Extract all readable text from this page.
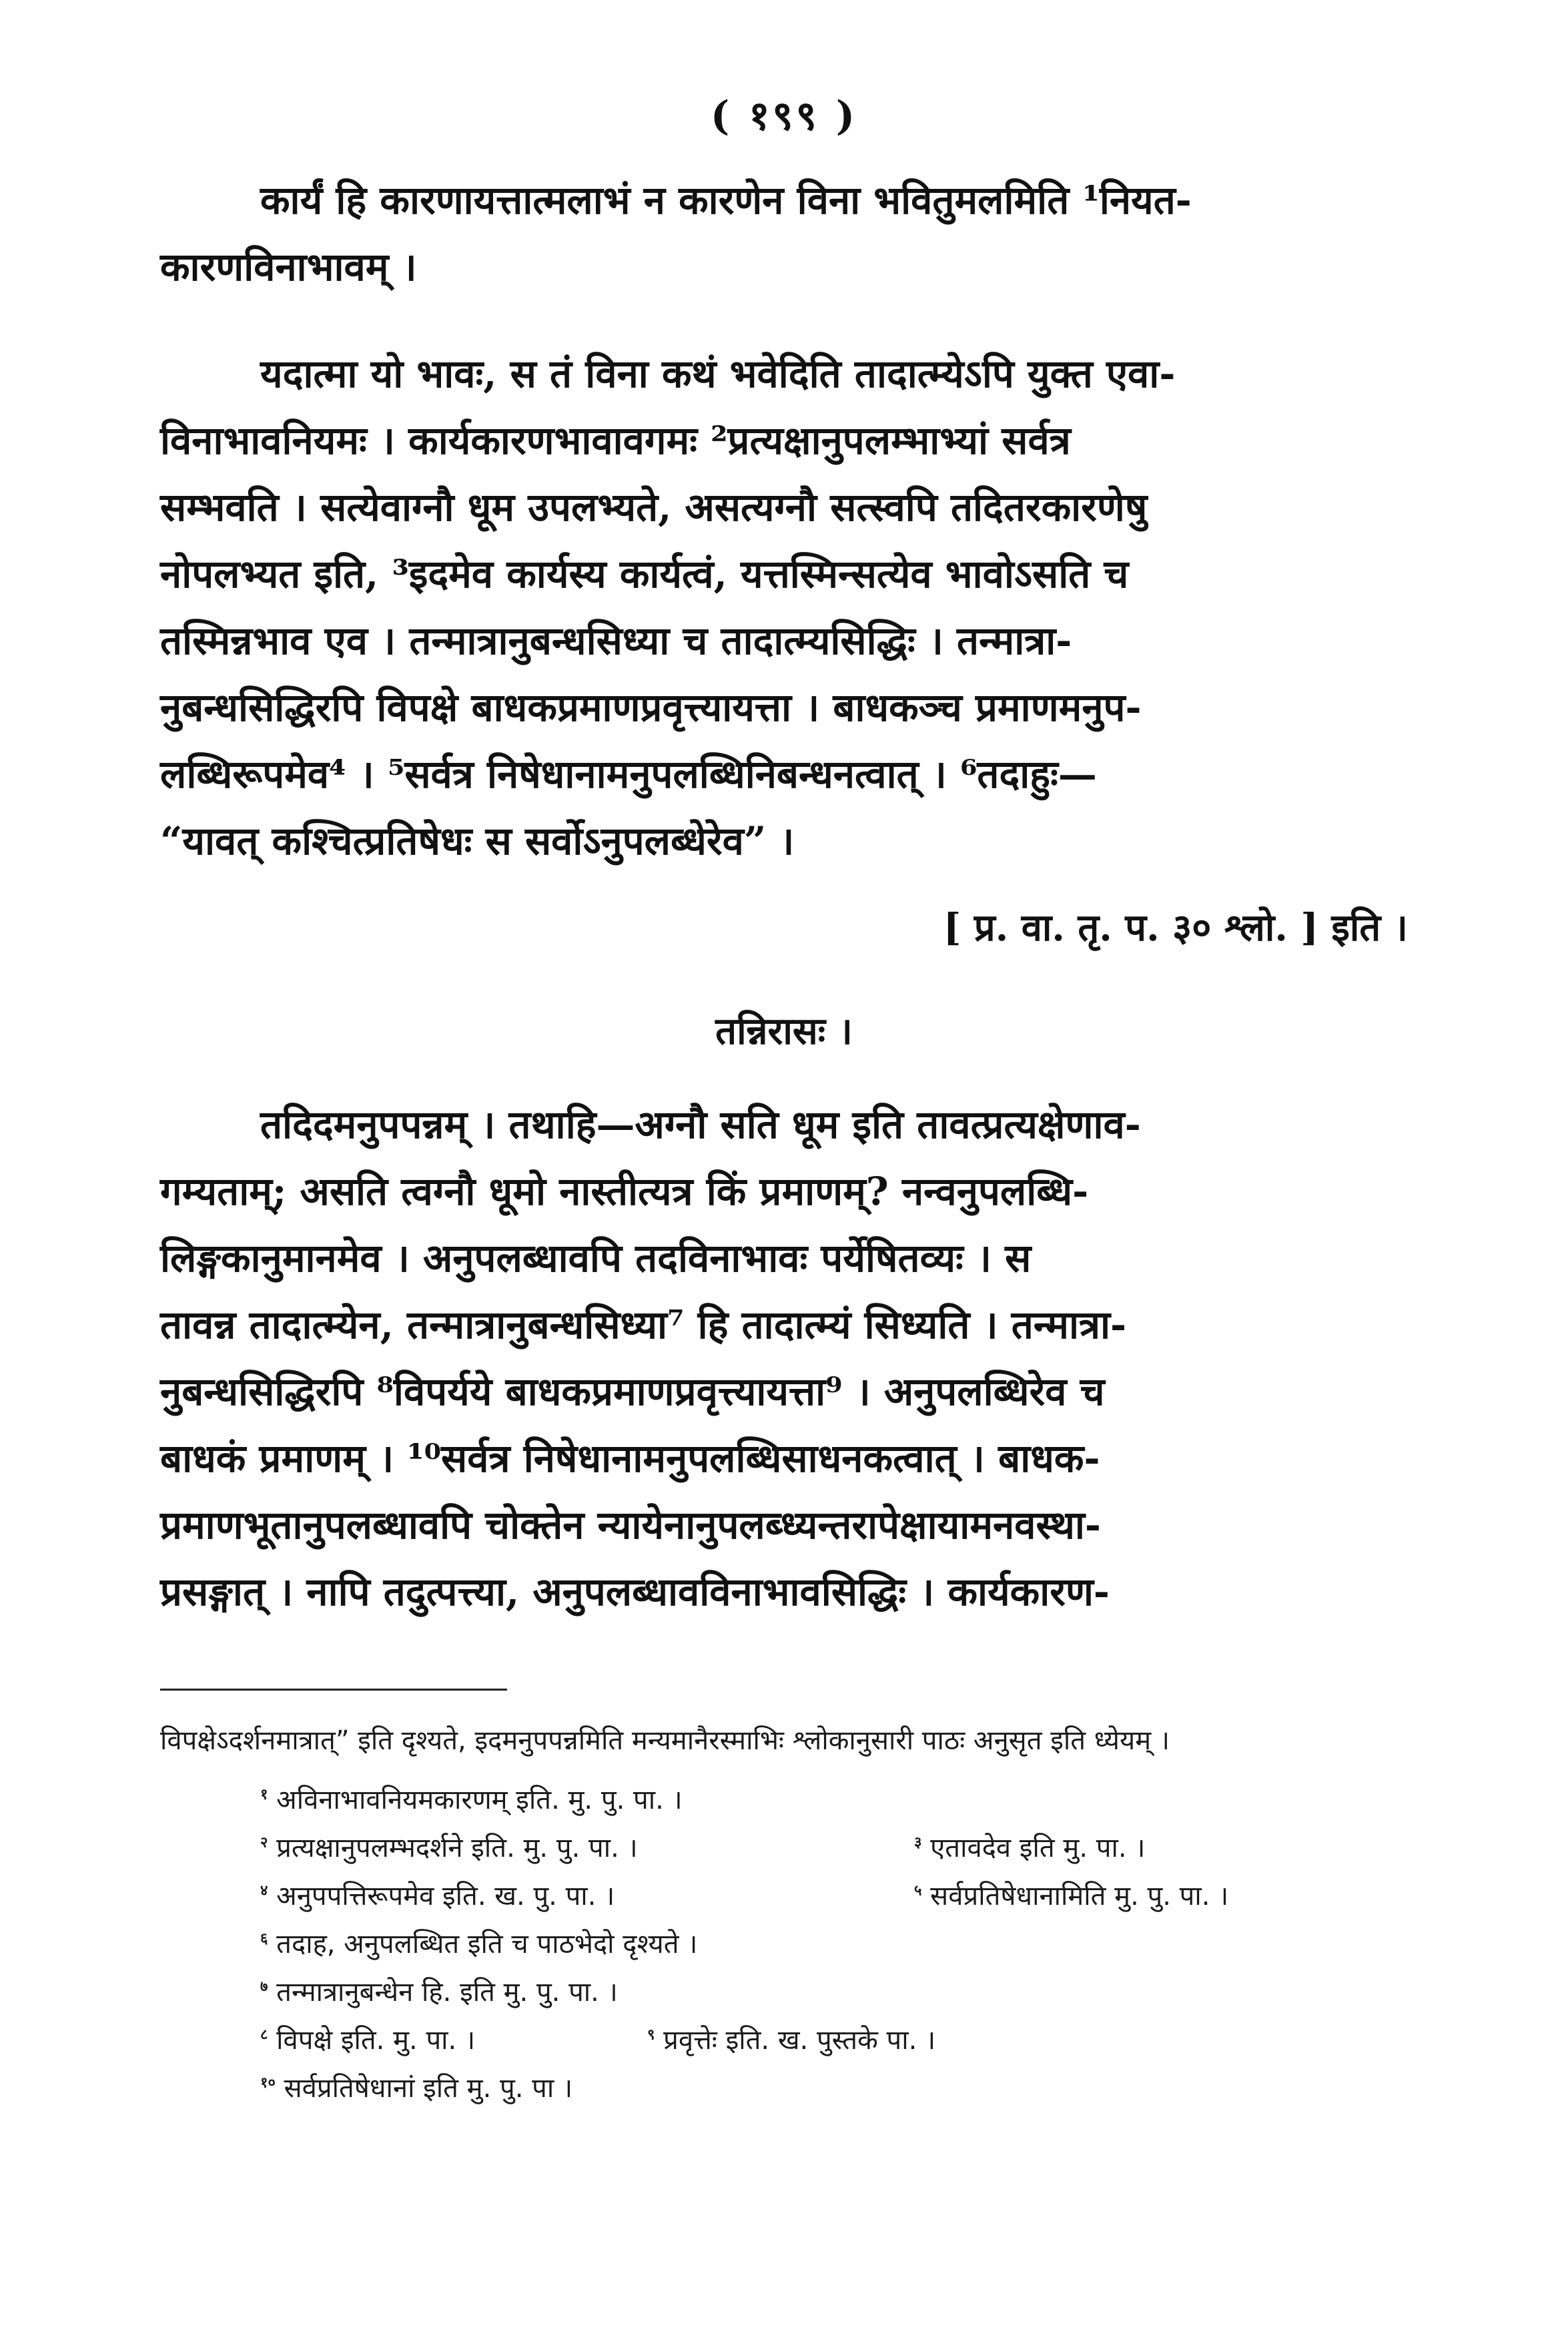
( १९९ )

कार्यं हि कारणायत्तात्मलाभं न कारणेन विना भवितुमलमिति ¹नियत-

कारणविनाभावम् ।

यदात्मा यो भावः, स तं विना कथं भवेदिति तादात्म्येऽपि युक्त एवा-

विनाभावनियमः । कार्यकारणभावावगमः ²प्रत्यक्षानुपलम्भाभ्यां सर्वत्र

सम्भवति । सत्येवाग्नौ धूम उपलभ्यते, असत्यग्नौ सत्स्वपि तदितरकारणेषु

नोपलभ्यत इति, ³इदमेव कार्यस्य कार्यत्वं, यत्तस्मिन्सत्येव भावोऽसति च

तस्मिन्नभाव एव । तन्मात्रानुबन्धसिध्या च तादात्म्यसिद्धिः । तन्मात्रा-

नुबन्धसिद्धिरपि विपक्षे बाधकप्रमाणप्रवृत्त्यायत्ता । बाधकञ्च प्रमाणमनुप-

लब्धिरूपमेव⁴ । ⁵सर्वत्र निषेधानामनुपलब्धिनिबन्धनत्वात् । ⁶तदाहुः—

“यावत् कश्चित्प्रतिषेधः स सर्वोऽनुपलब्धेरेव” ।

[ प्र. वा. तृ. प. ३० श्लो. ] इति ।
तन्निरासः ।

तदिदमनुपपन्नम् । तथाहि—अग्नौ सति धूम इति तावत्प्रत्यक्षेणाव-

गम्यताम्; असति त्वग्नौ धूमो नास्तीत्यत्र किं प्रमाणम्? नन्वनुपलब्धि-

लिङ्गकानुमानमेव । अनुपलब्धावपि तदविनाभावः पर्येषितव्यः । स

तावन्न तादात्म्येन, तन्मात्रानुबन्धसिध्या⁷ हि तादात्म्यं सिध्यति । तन्मात्रा-

नुबन्धसिद्धिरपि ⁸विपर्यये बाधकप्रमाणप्रवृत्त्यायत्ता⁹ । अनुपलब्धिरेव च

बाधकं प्रमाणम् । ¹⁰सर्वत्र निषेधानामनुपलब्धिसाधनकत्वात् । बाधक-

प्रमाणभूतानुपलब्धावपि चोक्तेन न्यायेनानुपलब्ध्यन्तरापेक्षायामनवस्था-

प्रसङ्गात् । नापि तदुत्पत्त्या, अनुपलब्धावविनाभावसिद्धिः । कार्यकारण-

विपक्षेऽदर्शनमात्रात्” इति दृश्यते, इदमनुपपन्नमिति मन्यमानैरस्माभिः श्लोकानुसारी पाठः अनुसृत इति ध्येयम् ।

$^१$ अविनाभावनियमकारणम् इति. मु. पु. पा. ।
$^२$ प्रत्यक्षानुपलम्भदर्शने इति. मु. पु. पा. ।	$^३$ एतावदेव इति मु. पा. ।
$^४$ अनुपपत्तिरूपमेव इति. ख. पु. पा. ।	$^५$ सर्वप्रतिषेधानामिति मु. पु. पा. ।
$^६$ तदाह, अनुपलब्धित इति च पाठभेदो दृश्यते ।
$^७$ तन्मात्रानुबन्धेन हि. इति मु. पु. पा. ।
$^८$ विपक्षे इति. मु. पा. ।	$^९$ प्रवृत्तेः इति. ख. पुस्तके पा. ।
$^{१०}$ सर्वप्रतिषेधानां इति मु. पु. पा ।
